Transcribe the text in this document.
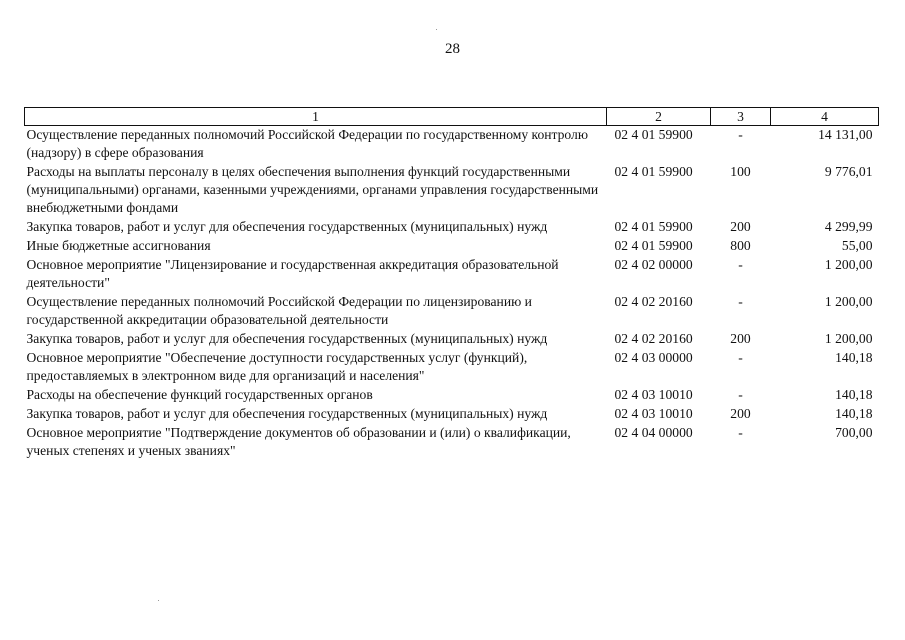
28
1	2	3	4
Осуществление переданных полномочий Российской Федерации по государственному контролю (надзору) в сфере образования	02 4 01 59900	-	14 131,00
Расходы на выплаты персоналу в целях обеспечения выполнения функций государственными (муниципальными) органами, казенными учреждениями, органами управления государственными внебюджетными фондами	02 4 01 59900	100	9 776,01
Закупка товаров, работ и услуг для обеспечения государственных (муниципальных) нужд	02 4 01 59900	200	4 299,99
Иные бюджетные ассигнования	02 4 01 59900	800	55,00
Основное мероприятие "Лицензирование и государственная аккредитация образовательной деятельности"	02 4 02 00000	-	1 200,00
Осуществление переданных полномочий Российской Федерации по лицензированию и государственной аккредитации образовательной деятельности	02 4 02 20160	-	1 200,00
Закупка товаров, работ и услуг для обеспечения государственных (муниципальных) нужд	02 4 02 20160	200	1 200,00
Основное мероприятие "Обеспечение доступности государственных услуг (функций), предоставляемых в электронном виде для организаций и населения"	02 4 03 00000	-	140,18
Расходы на обеспечение функций государственных органов	02 4 03 10010	-	140,18
Закупка товаров, работ и услуг для обеспечения государственных (муниципальных) нужд	02 4 03 10010	200	140,18
Основное мероприятие "Подтверждение документов об образовании и (или) о квалификации, ученых степенях и ученых званиях"	02 4 04 00000	-	700,00
